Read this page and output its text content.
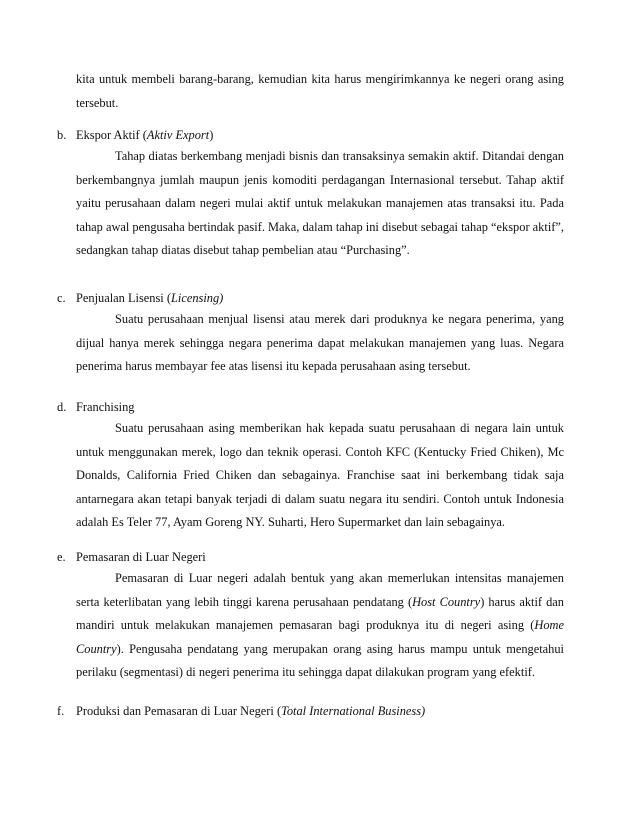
kita untuk membeli barang-barang, kemudian kita harus mengirimkannya ke negeri orang asing tersebut.

b. Ekspor Aktif (Aktiv Export)

Tahap diatas berkembang menjadi bisnis dan transaksinya semakin aktif. Ditandai dengan berkembangnya jumlah maupun jenis komoditi perdagangan Internasional tersebut. Tahap aktif yaitu perusahaan dalam negeri mulai aktif untuk melakukan manajemen atas transaksi itu. Pada tahap awal pengusaha bertindak pasif. Maka, dalam tahap ini disebut sebagai tahap “ekspor aktif”, sedangkan tahap diatas disebut tahap pembelian atau “Purchasing”.

c. Penjualan Lisensi (Licensing)

Suatu perusahaan menjual lisensi atau merek dari produknya ke negara penerima, yang dijual hanya merek sehingga negara penerima dapat melakukan manajemen yang luas. Negara penerima harus membayar fee atas lisensi itu kepada perusahaan asing tersebut.

d. Franchising

Suatu perusahaan asing memberikan hak kepada suatu perusahaan di negara lain untuk untuk menggunakan merek, logo dan teknik operasi. Contoh KFC (Kentucky Fried Chiken), Mc Donalds, California Fried Chiken dan sebagainya. Franchise saat ini berkembang tidak saja antarnegara akan tetapi banyak terjadi di dalam suatu negara itu sendiri. Contoh untuk Indonesia adalah Es Teler 77, Ayam Goreng NY. Suharti, Hero Supermarket dan lain sebagainya.

e. Pemasaran di Luar Negeri

Pemasaran di Luar negeri adalah bentuk yang akan memerlukan intensitas manajemen serta keterlibatan yang lebih tinggi karena perusahaan pendatang (Host Country) harus aktif dan mandiri untuk melakukan manajemen pemasaran bagi produknya itu di negeri asing (Home Country). Pengusaha pendatang yang merupakan orang asing harus mampu untuk mengetahui perilaku (segmentasi) di negeri penerima itu sehingga dapat dilakukan program yang efektif.

f. Produksi dan Pemasaran di Luar Negeri (Total International Business)
